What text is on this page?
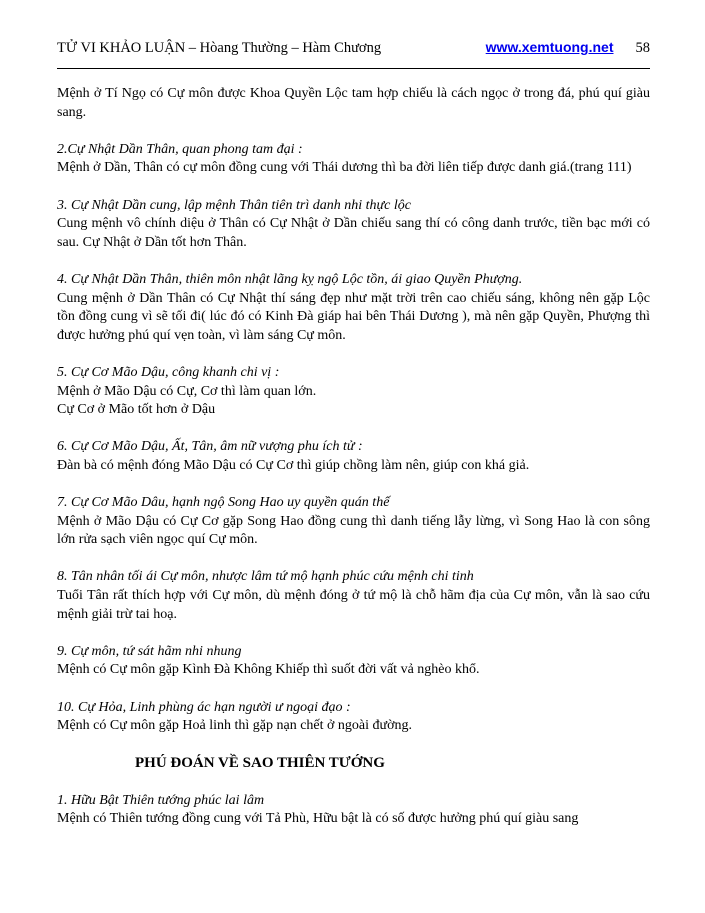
TỬ VI KHẢO LUẬN – Hòang Thường – Hàm Chương	www.xemtuong.net 58

Mệnh ở Tí Ngọ có Cự môn được Khoa Quyền Lộc tam hợp chiếu là cách ngọc ở trong đá, phú quí giàu sang.

2.Cự Nhật Dần Thân, quan phong tam đại :

Mệnh ở Dần, Thân có cự môn đồng cung với Thái dương thì ba đời liên tiếp được danh giá.(trang 111)

3. Cự Nhật Dần cung, lập mệnh Thân tiên trì danh nhi thực lộc

Cung mệnh vô chính diệu ở Thân có Cự Nhật ở Dần chiếu sang thí có công danh trước, tiền bạc mới có sau. Cự Nhật ở Dần tốt hơn Thân.

4. Cự Nhật Dần Thân, thiên môn nhật lãng kỵ ngộ Lộc tồn, ái giao Quyền Phượng.

Cung mệnh ở Dần Thân có Cự Nhật thí sáng đẹp như mặt trời trên cao chiếu sáng, không nên gặp Lộc tồn đồng cung vì sẽ tối đi( lúc đó có Kinh Đà giáp hai bên Thái Dương ), mà nên gặp Quyền, Phượng thì được hưởng phú quí vẹn toàn, vì làm sáng Cự môn.

5. Cự Cơ Mão Dậu, công khanh chi vị :

Mệnh ở Mão Dậu có Cự, Cơ thì làm quan lớn.

Cự Cơ ở Mão tốt hơn ở Dậu

6. Cự Cơ Mão Dậu, Ất, Tân, âm nữ vượng phu ích tử :

Đàn bà có mệnh đóng Mão Dậu có Cự Cơ thì giúp chồng làm nên, giúp con khá giả.

7. Cự Cơ Mão Dâu, hạnh ngộ Song Hao uy quyền quán thế

Mệnh ở Mão Dậu có Cự Cơ gặp Song Hao đồng cung thì danh tiếng lẫy lừng, vì Song Hao là con sông lớn rửa sạch viên ngọc quí Cự môn.

8. Tân nhân tối ái Cự môn, nhược lâm tứ mộ hạnh phúc cứu mệnh chi tinh

Tuổi Tân rất thích hợp với Cự môn, dù mệnh đóng ở tứ mộ là chỗ hãm địa của Cự môn, vẫn là sao cứu mệnh giải trừ tai hoạ.

9. Cự môn, tứ sát hãm nhi nhung

Mệnh có Cự môn gặp Kình Đà Không Khiếp thì suốt đời vất vả nghèo khổ.

10. Cự Hỏa, Linh phùng ác hạn người ư ngoại đạo :

Mệnh có Cự môn gặp Hoả linh thì gặp nạn chết ở ngoài đường.

PHÚ ĐOÁN VỀ SAO THIÊN TƯỚNG

1. Hữu Bật Thiên tướng phúc lai lâm

Mệnh có Thiên tướng đồng cung với Tả Phù, Hữu bật là có số được hưởng phú quí giàu sang
